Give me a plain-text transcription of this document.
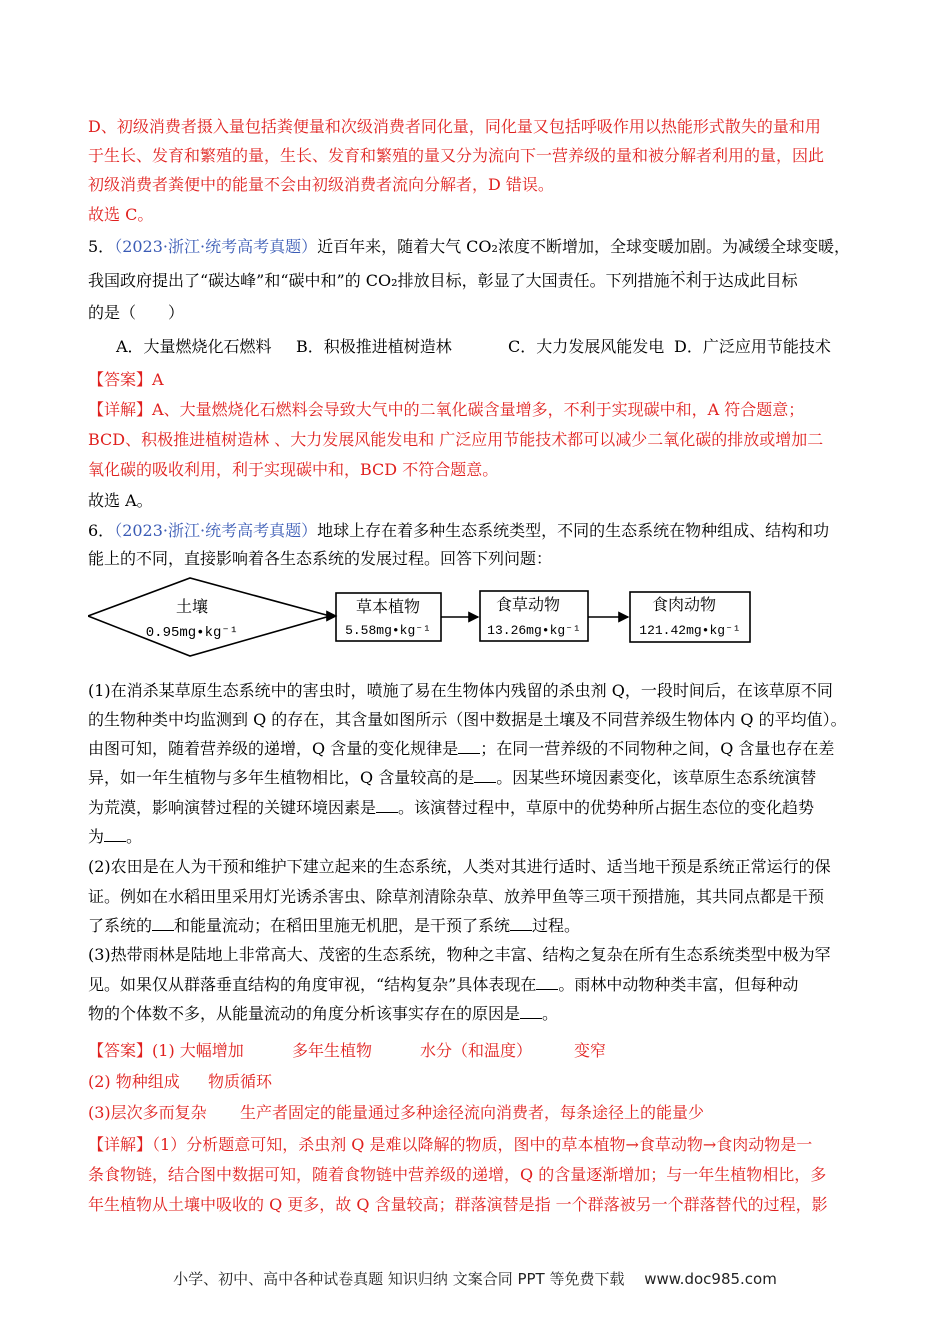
D、初级消费者摄入量包括粪便量和次级消费者同化量，同化量又包括呼吸作用以热能形式散失的量和用
于生长、发育和繁殖的量，生长、发育和繁殖的量又分为流向下一营养级的量和被分解者利用的量，因此
初级消费者粪便中的能量不会由初级消费者流向分解者，D 错误。
故选 C。
5．（2023·浙江·统考高考真题）近百年来，随着大气 CO₂浓度不断增加，全球变暖加剧。为减缓全球变暖，
我国政府提出了“碳达峰”和“碳中和”的 CO₂排放目标，彰显了大国责任。下列措施···· 不利于达成此目标
的是（　　）
A．大量燃烧化石燃料 B．积极推进植树造林	C．大力发展风能发电 D．广泛应用节能技术
【答案】A
【详解】A、大量燃烧化石燃料会导致大气中的二氧化碳含量增多，不利于实现碳中和，A 符合题意；
BCD、积极推进植树造林 、大力发展风能发电和 广泛应用节能技术都可以减少二氧化碳的排放或增加二
氧化碳的吸收利用，利于实现碳中和，BCD 不符合题意。
故选 A。
6．（2023·浙江·统考高考真题）地球上存在着多种生态系统类型，不同的生态系统在物种组成、结构和功
能上的不同，直接影响着各生态系统的发展过程。回答下列问题：
土壤
0.95mg•kg⁻¹
草本植物
5.58mg•kg⁻¹
食草动物
13.26mg•kg⁻¹
食肉动物
121.42mg•kg⁻¹
(1)在消杀某草原生态系统中的害虫时，喷施了易在生物体内残留的杀虫剂 Q，一段时间后，在该草原不同
的生物种类中均监测到 Q 的存在，其含量如图所示（图中数据是土壤及不同营养级生物体内 Q 的平均值）。
由图可知，随着营养级的递增，Q 含量的变化规律是 ；在同一营养级的不同物种之间，Q 含量也存在差
异，如一年生植物与多年生植物相比，Q 含量较高的是 。因某些环境因素变化，该草原生态系统演替
为荒漠，影响演替过程的关键环境因素是 。该演替过程中，草原中的优势种所占据生态位的变化趋势
为 。
(2)农田是在人为干预和维护下建立起来的生态系统，人类对其进行适时、适当地干预是系统正常运行的保
证。例如在水稻田里采用灯光诱杀害虫、除草剂清除杂草、放养甲鱼等三项干预措施，其共同点都是干预
了系统的 和能量流动；在稻田里施无机肥，是干预了系统 过程。
(3)热带雨林是陆地上非常高大、茂密的生态系统，物种之丰富、结构之复杂在所有生态系统类型中极为罕
见。如果仅从群落垂直结构的角度审视，“结构复杂”具体表现在 。雨林中动物种类丰富，但每种动
物的个体数不多，从能量流动的角度分析该事实存在的原因是 。
【答案】(1) 大幅增加	多年生植物	水分（和温度）	变窄
(2) 物种组成 物质循环
(3)层次多而复杂 生产者固定的能量通过多种途径流向消费者，每条途径上的能量少
【详解】（1）分析题意可知，杀虫剂 Q 是难以降解的物质，图中的草本植物→食草动物→食肉动物是一
条食物链，结合图中数据可知，随着食物链中营养级的递增，Q 的含量逐渐增加；与一年生植物相比，多
年生植物从土壤中吸收的 Q 更多，故 Q 含量较高；群落演替是指 一个群落被另一个群落替代的过程，影
小学、初中、高中各种试卷真题 知识归纳 文案合同 PPT 等免费下载　 www.doc985.com
